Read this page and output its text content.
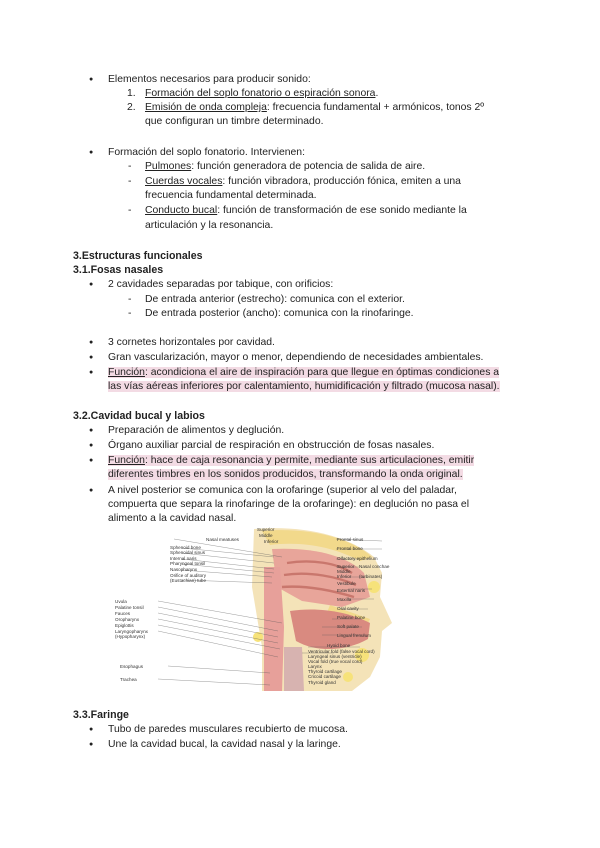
● Elementos necesarios para producir sonido:
1. Formación del soplo fonatorio o espiración sonora.
2. Emisión de onda compleja: frecuencia fundamental + armónicos, tonos 2º
que configuran un timbre determinado.
● Formación del soplo fonatorio. Intervienen:
- Pulmones: función generadora de potencia de salida de aire.
- Cuerdas vocales: función vibradora, producción fónica, emiten a una
frecuencia fundamental determinada.
- Conducto bucal: función de transformación de ese sonido mediante la
articulación y la resonancia.
3.Estructuras funcionales
3.1.Fosas nasales
● 2 cavidades separadas por tabique, con orificios:
- De entrada anterior (estrecho): comunica con el exterior.
- De entrada posterior (ancho): comunica con la rinofaringe.
● 3 cornetes horizontales por cavidad.
● Gran vascularización, mayor o menor, dependiendo de necesidades ambientales.
● Función: acondiciona el aire de inspiración para que llegue en óptimas condiciones a
las vías aéreas inferiores por calentamiento, humidificación y filtrado (mucosa nasal).
3.2.Cavidad bucal y labios
● Preparación de alimentos y deglución.
● Órgano auxiliar parcial de respiración en obstrucción de fosas nasales.
● Función: hace de caja resonancia y permite, mediante sus articulaciones, emitir
diferentes timbres en los sonidos producidos, transformando la onda original.
● A nivel posterior se comunica con la orofaringe (superior al velo del paladar,
compuerta que separa la rinofaringe de la orofaringe): en deglución no pasa el
alimento a la cavidad nasal.
Superior
Middle
Inferior
Nasal meatuses
Sphenoid bone
Sphenoidal sinus
Internal naris
Pharyngeal tonsil
Nasopharynx
Orifice of auditory
(Eustachian) tube
Uvula
Palatine tonsil
Fauces
Oropharynx
Epiglottis
Laryngopharynx
(Hypopharynx)
Esophagus
Trachea
Frontal sinus
Frontal bone
Olfactory epithelium
Superior
Middle
Inferior
Nasal conchae
(turbinates)
Vestibule
External naris
Maxilla
Oral cavity
Palatine bone
Soft palate
Lingual frenulum
Hyoid bone
Ventricular fold (false vocal cord)
Laryngeal sinus (ventricle)
Vocal fold (true vocal cord)
Larynx
Thyroid cartilage
Cricoid cartilage
Thyroid gland
3.3.Faringe
● Tubo de paredes musculares recubierto de mucosa.
● Une la cavidad bucal, la cavidad nasal y la laringe.
